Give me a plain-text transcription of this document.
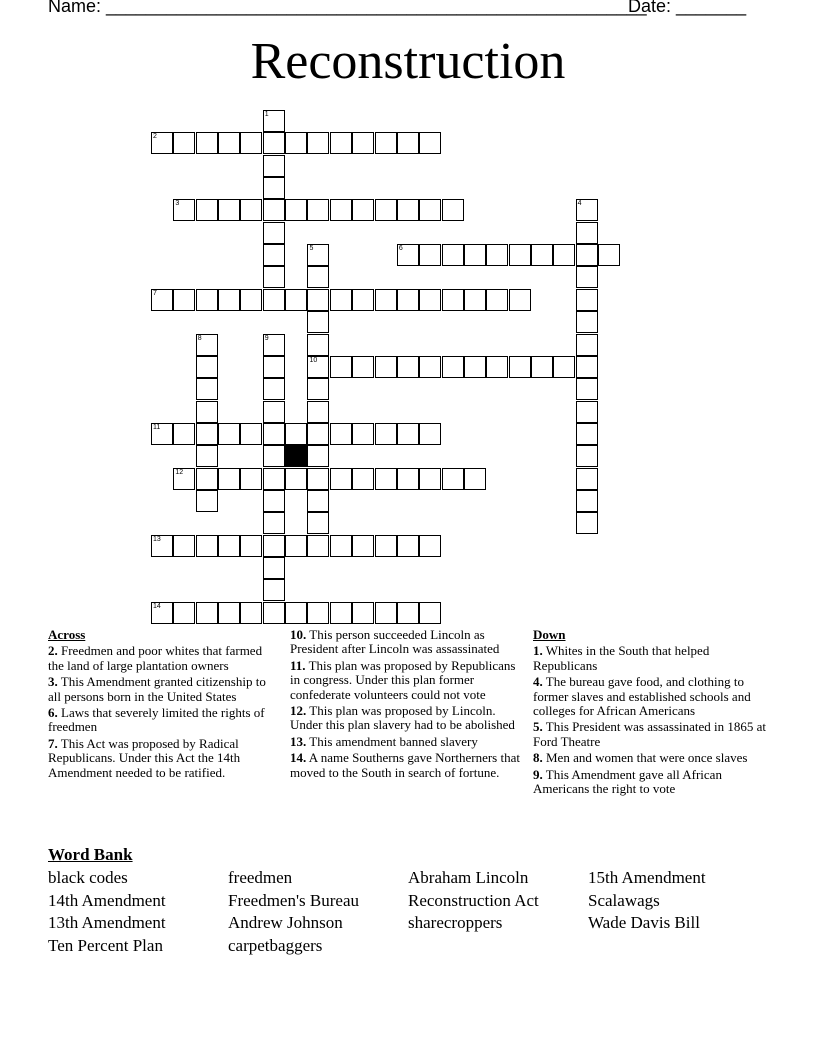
Name: ______________________________________________________
Date: _______
Reconstruction
1
2
3	4
5
10
6
7
8	9
11
12
13
14
Across
2. Freedmen and poor whites that farmed the land of large plantation owners
3. This Amendment granted citizenship to all persons born in the United States
6. Laws that severely limited the rights of freedmen
7. This Act was proposed by Radical Republicans. Under this Act the 14th Amendment needed to be ratified.
10. This person succeeded Lincoln as President after Lincoln was assassinated
11. This plan was proposed by Republicans in congress. Under this plan former confederate volunteers could not vote
12. This plan was proposed by Lincoln. Under this plan slavery had to be abolished
13. This amendment banned slavery
14. A name Southerns gave Northerners that moved to the South in search of fortune.
Down
1. Whites in the South that helped Republicans
4. The bureau gave food, and clothing to former slaves and established schools and colleges for African Americans
5. This President was assassinated in 1865 at Ford Theatre
8. Men and women that were once slaves
9. This Amendment gave all African Americans the right to vote
Word Bank
black codes	freedmen	Abraham Lincoln	15th Amendment
14th Amendment	Freedmen's Bureau	Reconstruction Act	Scalawags
13th Amendment	Andrew Johnson	sharecroppers	Wade Davis Bill
Ten Percent Plan	carpetbaggers
